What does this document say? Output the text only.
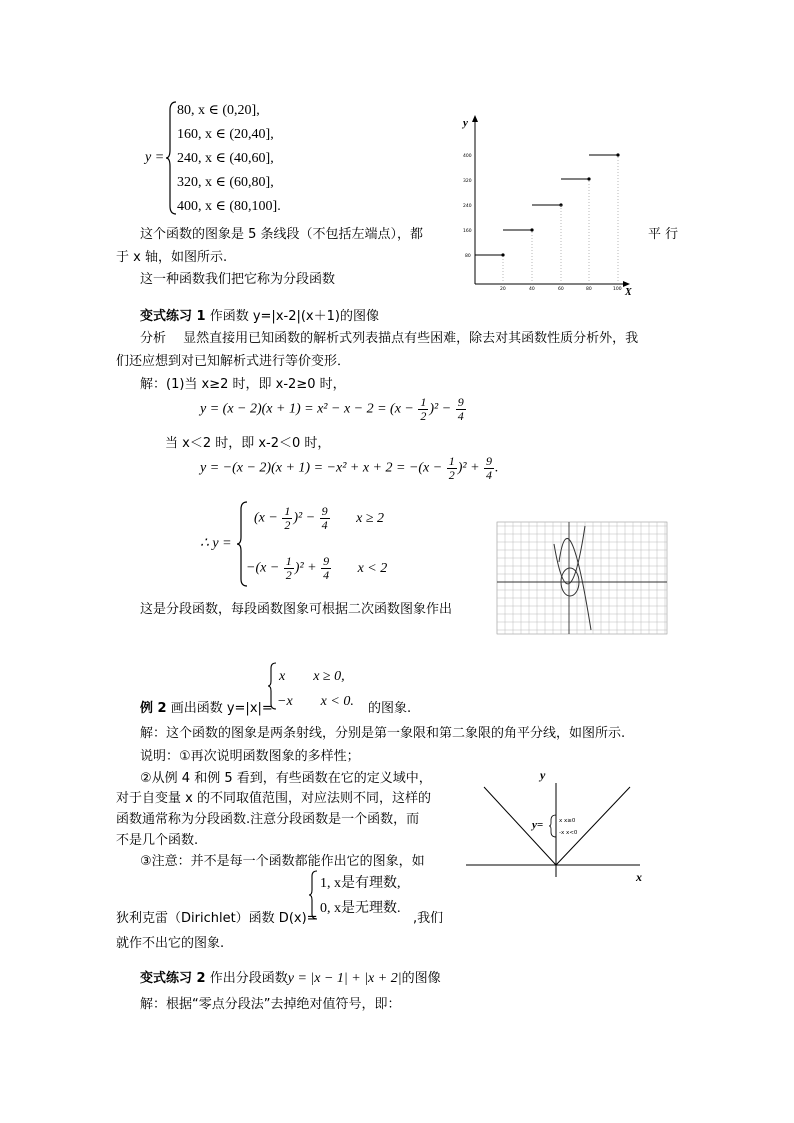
y =
80, x ∈ (0,20],
160, x ∈ (20,40],
240, x ∈ (40,60],
320, x ∈ (60,80],
400, x ∈ (80,100].
y
X
400
320
240
160
80
20	40	60	80	100
这个函数的图象是 5 条线段（不包括左端点），都	平 行
于 x 轴，如图所示.
这一种函数我们把它称为分段函数
变式练习 1 作函数 y=|x-2|(x＋1)的图像
分析　 显然直接用已知函数的解析式列表描点有些困难，除去对其函数性质分析外，我
们还应想到对已知解析式进行等价变形．
解：(1)当 x≥2 时，即 x-2≥0 时，
$y = (x - 2)(x + 1) = x^2 - x - 2 = (x - \frac{1}{2} )^2 - \frac{9}{4}$
当 x＜2 时，即 x-2＜0 时，
$y = -(x - 2)(x + 1) = -x^2 + x + 2 = -(x - \frac{1}{2} )^2 + \frac{9}{4}$ .
∴ y =
$(x - \frac{1}{2} )^2 - \frac{9}{4}$ x ≥ 2
$-(x - \frac{1}{2} )^2 + \frac{9}{4}$ x < 2
这是分段函数，每段函数图象可根据二次函数图象作出
x　　x ≥ 0,
−x　　x < 0.
例 2 画出函数 y=|x|=	的图象.
解：这个函数的图象是两条射线，分别是第一象限和第二象限的角平分线，如图所示.
说明：①再次说明函数图象的多样性；
②从例 4 和例 5 看到，有些函数在它的定义域中，
对于自变量 x 的不同取值范围，对应法则不同，这样的
函数通常称为分段函数.注意分段函数是一个函数，而
不是几个函数.
③注意：并不是每一个函数都能作出它的图象，如
1, x是有理数,
0, x是无理数.
狄利克雷（Dirichlet）函数 D(x)=	,我们
就作不出它的图象.
y
x
y=	x x≥0
-x x<0
变式练习 2 作出分段函数y = |x − 1| + |x + 2|的图像
解：根据“零点分段法”去掉绝对值符号，即：
